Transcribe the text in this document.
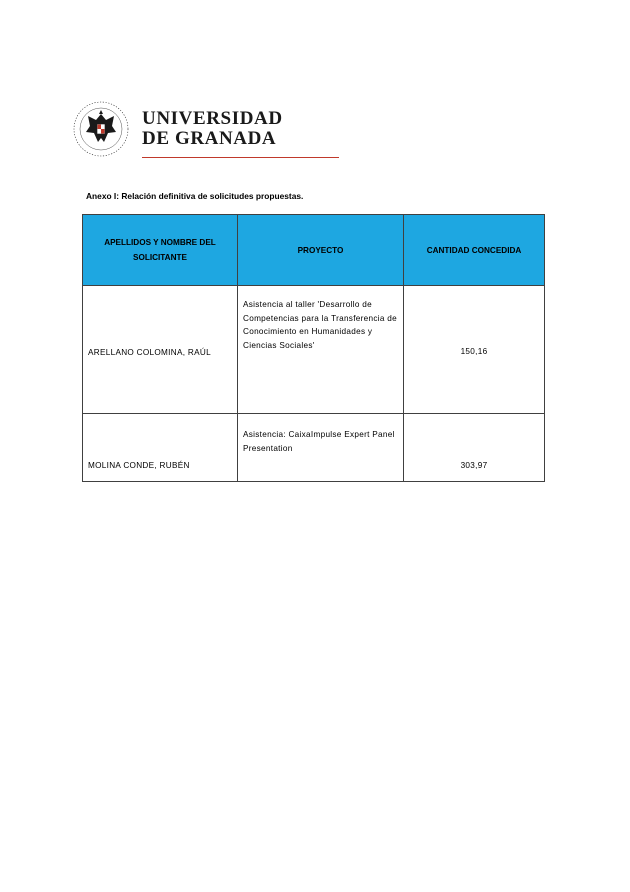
UNIVERSIDAD
DE GRANADA
Anexo I: Relación definitiva de solicitudes propuestas.
APELLIDOS Y NOMBRE DEL SOLICITANTE	PROYECTO	CANTIDAD CONCEDIDA
ARELLANO COLOMINA, RAÚL	Asistencia al taller 'Desarrollo de Competencias para la Transferencia de Conocimiento en Humanidades y Ciencias Sociales'	150,16
MOLINA CONDE, RUBÉN	Asistencia: CaixaImpulse Expert Panel Presentation	303,97
